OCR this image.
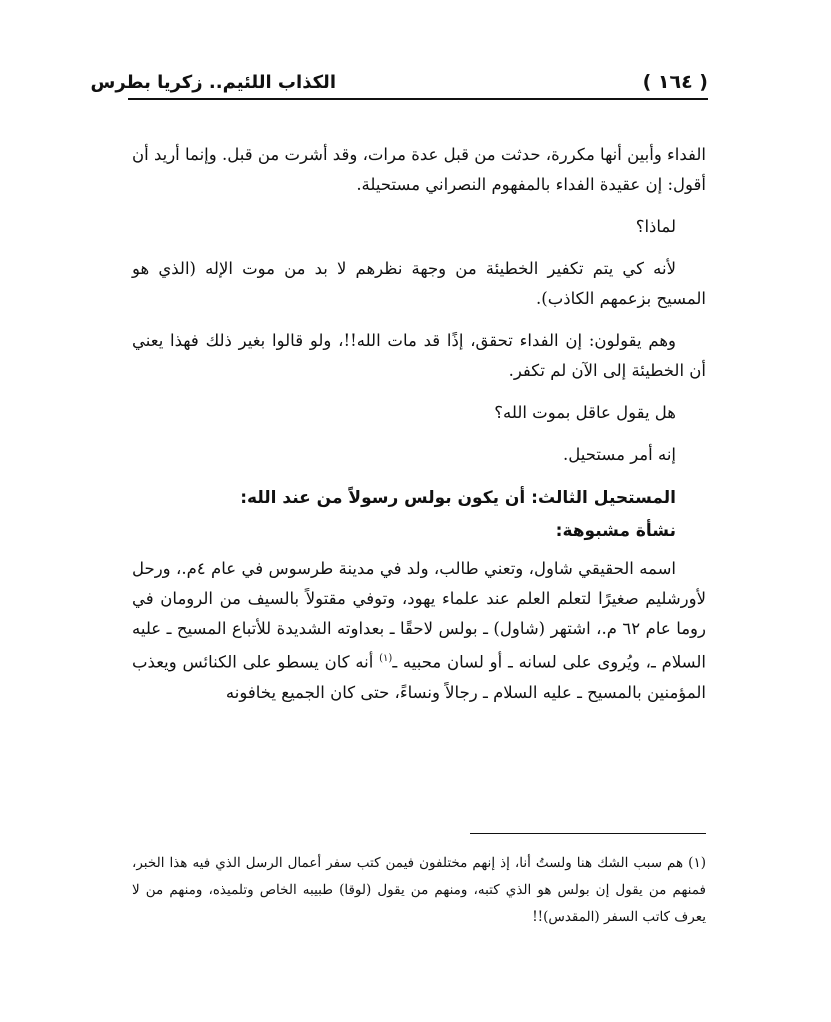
( ١٦٤ )
الكذاب اللئيم.. زكريا بطرس

الفداء وأبين أنها مكررة، حدثت من قبل عدة مرات، وقد أشرت من قبل. وإنما أريد أن أقول: إن عقيدة الفداء بالمفهوم النصراني مستحيلة.

لماذا؟

لأنه كي يتم تكفير الخطيئة من وجهة نظرهم لا بد من موت الإله (الذي هو المسيح بزعمهم الكاذب).

وهم يقولون: إن الفداء تحقق، إذًا قد مات الله!!، ولو قالوا بغير ذلك فهذا يعني أن الخطيئة إلى الآن لم تكفر.

هل يقول عاقل بموت الله؟

إنه أمر مستحيل.

المستحيل الثالث: أن يكون بولس رسولاً من عند الله:

نشأة مشبوهة:

اسمه الحقيقي شاول، وتعني طالب، ولد في مدينة طرسوس في عام ٤م.، ورحل لأورشليم صغيرًا لتعلم العلم عند علماء يهود، وتوفي مقتولاً بالسيف من الرومان في روما عام ٦٢ م.، اشتهر (شاول) ـ بولس لاحقًا ـ بعداوته الشديدة للأتباع المسيح ـ عليه السلام ـ، ويُروى على لسانه ـ أو لسان محبيه ـ$^{(١)}$ أنه كان يسطو على الكنائس ويعذب المؤمنين بالمسيح ـ عليه السلام ـ رجالاً ونساءً، حتى كان الجميع يخافونه

(١) هم سبب الشك هنا ولستُ أنا، إذ إنهم مختلفون فيمن كتب سفر أعمال الرسل الذي فيه هذا الخبر، فمنهم من يقول إن بولس هو الذي كتبه، ومنهم من يقول (لوقا) طبيبه الخاص وتلميذه، ومنهم من لا يعرف كاتب السفر (المقدس)!!
